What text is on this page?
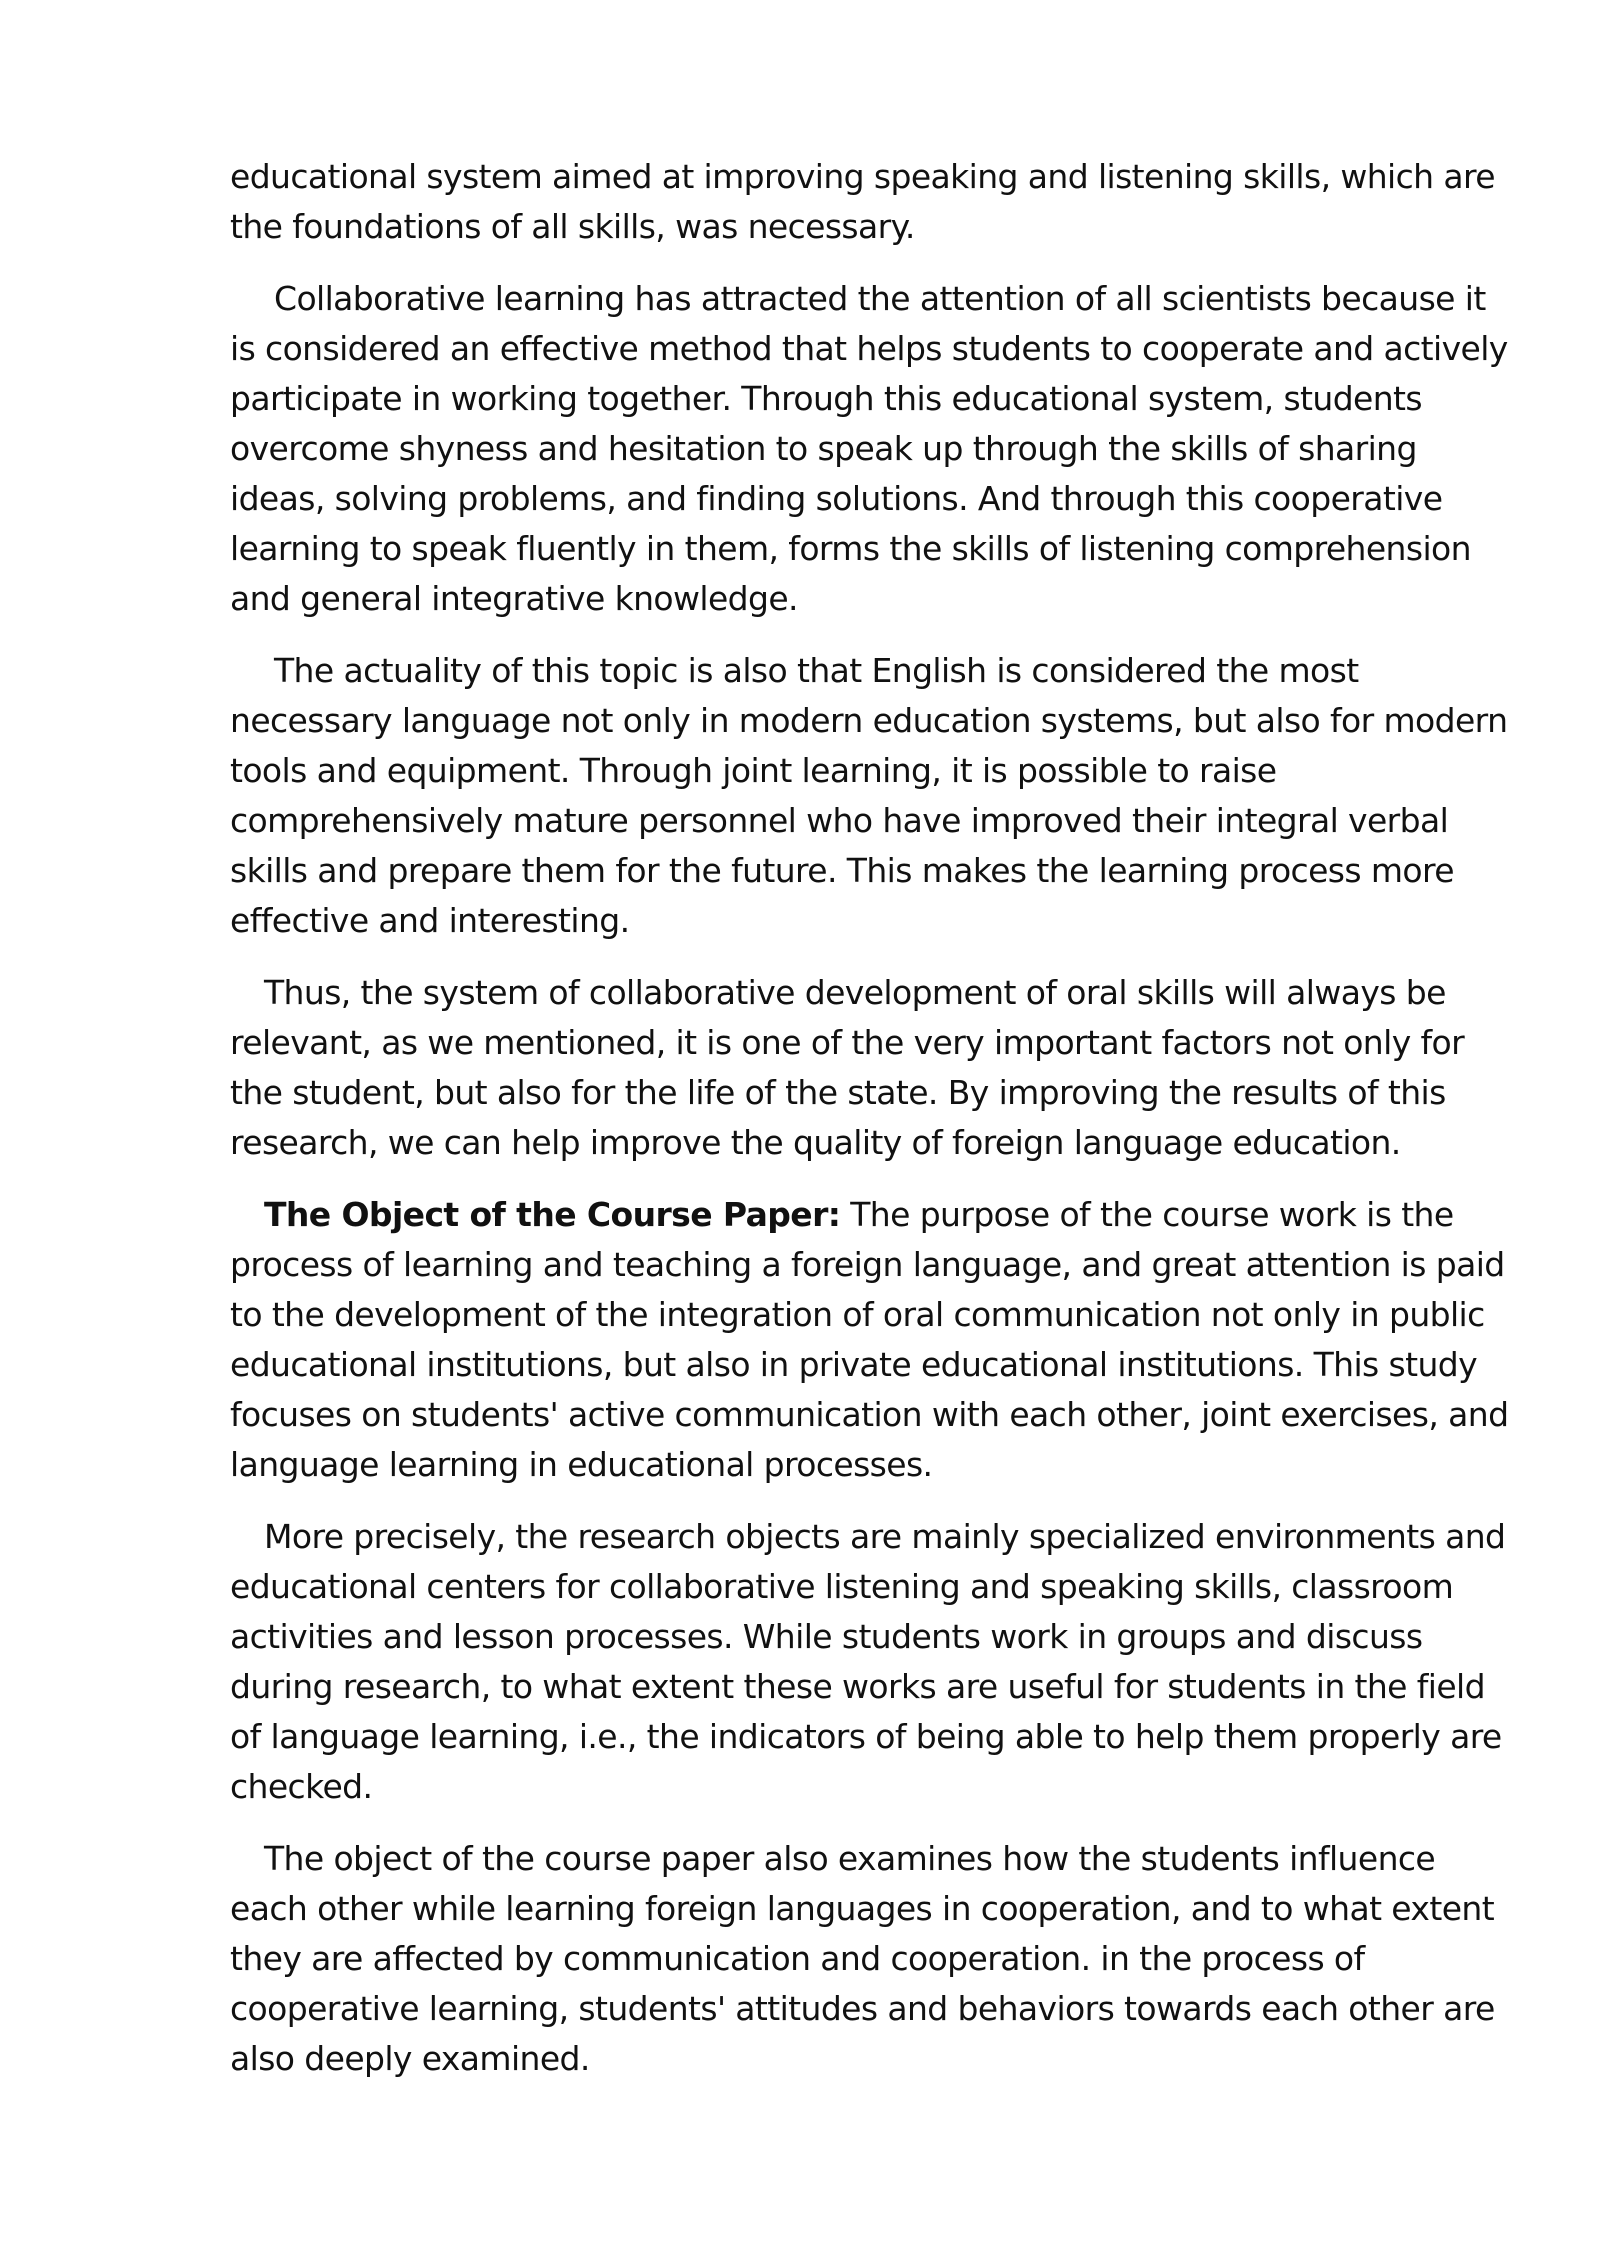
educational system aimed at improving speaking and listening skills, which are the foundations of all skills, was necessary.

Collaborative learning has attracted the attention of all scientists because it is considered an effective method that helps students to cooperate and actively participate in working together. Through this educational system, students overcome shyness and hesitation to speak up through the skills of sharing ideas, solving problems, and finding solutions. And through this cooperative learning to speak fluently in them, forms the skills of listening comprehension and general integrative knowledge.

The actuality of this topic is also that English is considered the most necessary language not only in modern education systems, but also for modern tools and equipment. Through joint learning, it is possible to raise comprehensively mature personnel who have improved their integral verbal skills and prepare them for the future. This makes the learning process more effective and interesting.

Thus, the system of collaborative development of oral skills will always be relevant, as we mentioned, it is one of the very important factors not only for the student, but also for the life of the state. By improving the results of this research, we can help improve the quality of foreign language education.

The Object of the Course Paper: The purpose of the course work is the process of learning and teaching a foreign language, and great attention is paid to the development of the integration of oral communication not only in public educational institutions, but also in private educational institutions. This study focuses on students' active communication with each other, joint exercises, and language learning in educational processes.

More precisely, the research objects are mainly specialized environments and educational centers for collaborative listening and speaking skills, classroom activities and lesson processes. While students work in groups and discuss during research, to what extent these works are useful for students in the field of language learning, i.e., the indicators of being able to help them properly are checked.

The object of the course paper also examines how the students influence each other while learning foreign languages in cooperation, and to what extent they are affected by communication and cooperation. in the process of cooperative learning, students' attitudes and behaviors towards each other are also deeply examined.
